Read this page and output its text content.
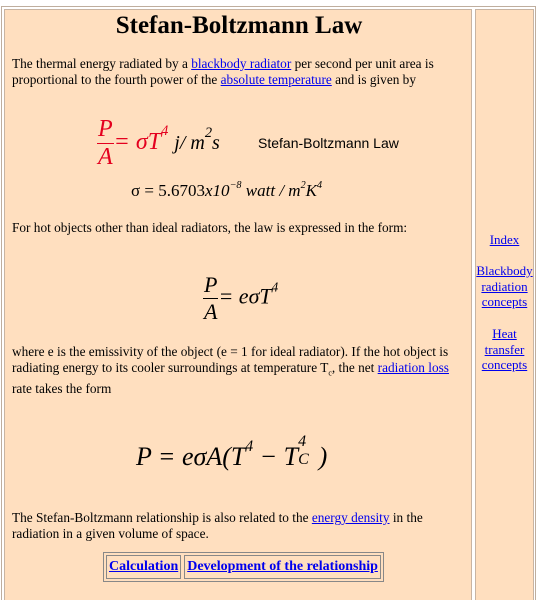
Stefan-Boltzmann Law

The thermal energy radiated by a blackbody radiator per second per unit area is proportional to the fourth power of the absolute temperature and is given by

$\frac{P}{A} = \sigma T^4$ j/ $m^2s$	Stefan-Boltzmann Law
$\sigma = 5.6703x10^{-8}$ watt / $m^2K^4$

For hot objects other than ideal radiators, the law is expressed in the form:

$\frac{P}{A} = e\sigma T^4$

where e is the emissivity of the object (e = 1 for ideal radiator). If the hot object is radiating energy to its cooler surroundings at temperature $T_c$, the net radiation loss rate takes the form

$P = e\sigma A(T^4 - T$
4
C )

The Stefan-Boltzmann relationship is also related to the energy density in the radiation in a given volume of space.

Calculation Development of the relationship
Index
Blackbody radiation concepts
Heat transfer concepts
